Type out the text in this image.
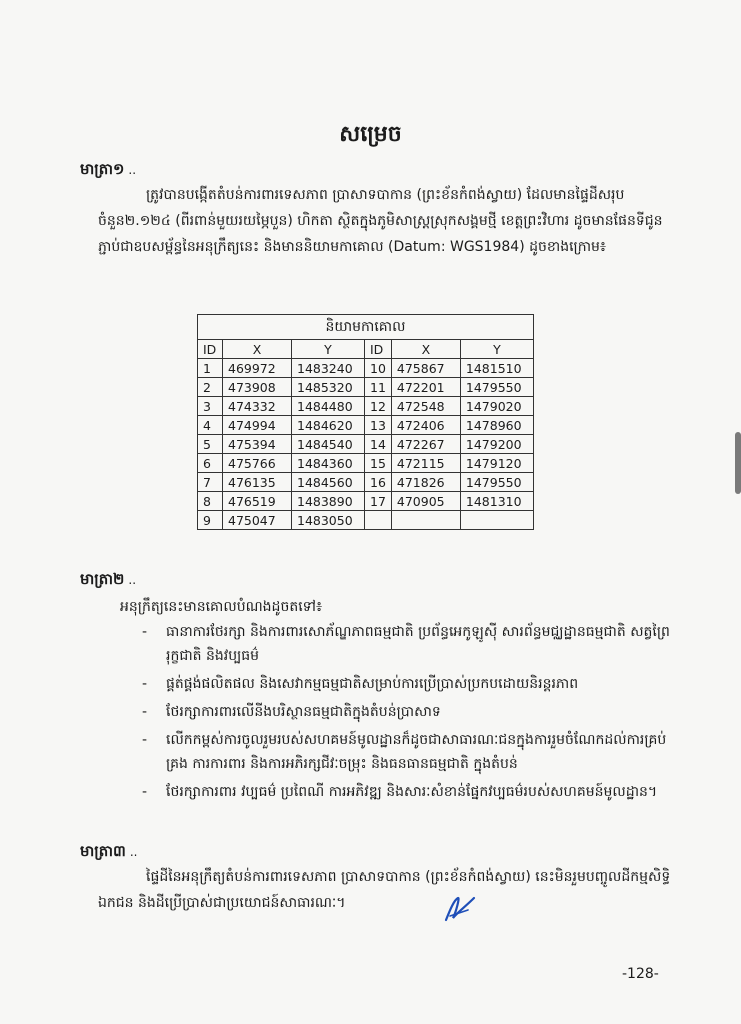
សម្រេច
មាត្រា១ ..
ត្រូវបានបង្កើតតំបន់ការពារទេសភាព ប្រាសាទបាកាន (ព្រះខ័នកំពង់ស្វាយ) ដែលមានផ្ទៃដីសរុបចំនួន២.១២៤ (ពីរពាន់មួយរយម្ភៃបួន) ហិកតា ស្ថិតក្នុងភូមិសាស្ត្រស្រុកសង្គមថ្មី ខេត្តព្រះវិហារ ដូចមានផែនទីជូនភ្ជាប់ជាឧបសម្ព័ន្ធនៃអនុក្រឹត្យនេះ និងមាននិយាមកាគោល (Datum: WGS1984) ដូចខាងក្រោម៖
និយាមកាគោល					
ID	X	Y	ID	X	Y
1	469972	1483240	10	475867	1481510
2	473908	1485320	11	472201	1479550
3	474332	1484480	12	472548	1479020
4	474994	1484620	13	472406	1478960
5	475394	1484540	14	472267	1479200
6	475766	1484360	15	472115	1479120
7	476135	1484560	16	471826	1479550
8	476519	1483890	17	470905	1481310
9	475047	1483050			
មាត្រា២ ..
អនុក្រឹត្យនេះមានគោលបំណងដូចតទៅ៖
- ធានាការថែរក្សា និងការពារសោភ័ណ្ឌភាពធម្មជាតិ ប្រព័ន្ធអេកូឡូស៊ី សារព័ន្ធមជ្ឈដ្ឋានធម្មជាតិ សត្វព្រៃ រុក្ខជាតិ និងវប្បធម៌
- ផ្គត់ផ្គង់ផលិតផល និងសេវាកម្មធម្មជាតិសម្រាប់ការប្រើប្រាស់ប្រកបដោយនិរន្តរភាព
- ថែរក្សាការពារលើនីងបរិស្ថានធម្មជាតិក្នុងតំបន់ប្រាសាទ
- លើកកម្ពស់ការចូលរួមរបស់សហគមន៍មូលដ្ឋានក៏ដូចជាសាធារណៈជនក្នុងការរួមចំណែកដល់ការគ្រប់គ្រង ការការពារ និងការអភិរក្សជីវៈចម្រុះ និងធនធានធម្មជាតិ ក្នុងតំបន់
- ថែរក្សាការពារ វប្បធម៌ ប្រពៃណី ការអភិវឌ្ឍ និងសារៈសំខាន់ផ្នែកវប្បធម៌របស់សហគមន៍មូលដ្ឋាន។
មាត្រា៣ ..
ផ្ទៃដីនៃអនុក្រឹត្យតំបន់ការពារទេសភាព ប្រាសាទបាកាន (ព្រះខ័នកំពង់ស្វាយ) នេះមិនរួមបញ្ចូលដីកម្មសិទ្ធិឯកជន និងដីប្រើប្រាស់ជាប្រយោជន៍សាធារណៈ។
-128-
